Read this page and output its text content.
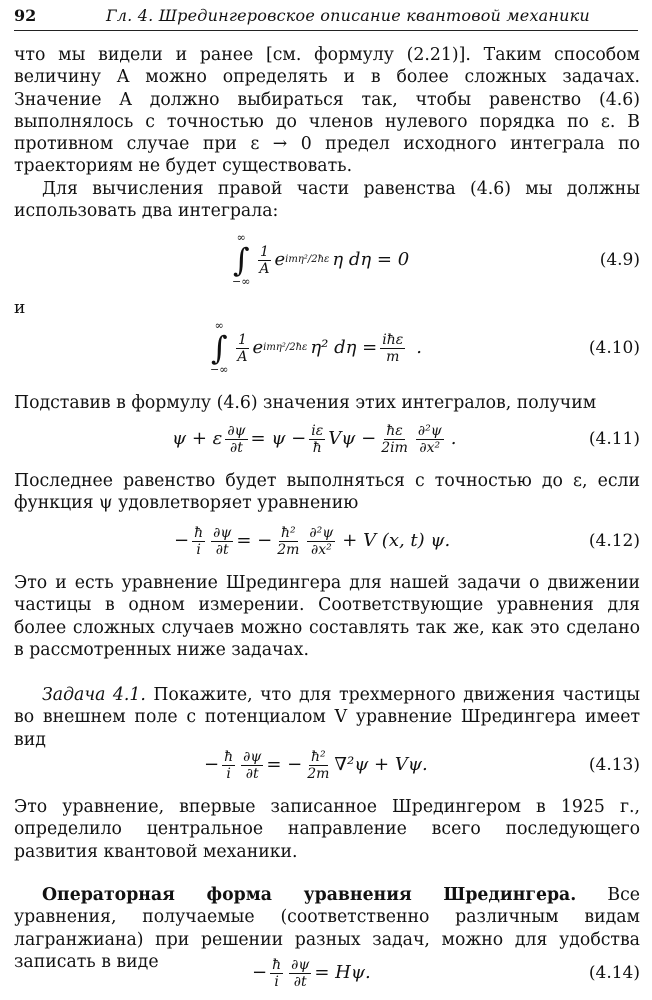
92	Гл. 4. Шредингеровское описание квантовой механики

что мы видели и ранее [см. формулу (2.21)]. Таким способом величину A можно определять и в более сложных задачах. Значение A должно выбираться так, чтобы равенство (4.6) выполнялось с точностью до членов нулевого порядка по ε. В противном случае при ε → 0 предел исходного интеграла по траекториям не будет существовать.

Для вычисления правой части равенства (4.6) мы должны использовать два интеграла:

∞
∫
−∞
$\frac{1}{A}$ e imη²/2ħε η dη = 0	(4.9)
и
∞
∫
−∞
$\frac{1}{A}$ e imη²/2ħε η² $d\eta = \frac{\text{iħε}}{m}$ .	(4.10)

Подставив в формулу (4.6) значения этих интегралов, получим

ψ + ε $\frac{\partial\psi}{\partial t} = \psi - \frac{i\varepsilon}{ħ}$ $V\psi - \frac{ħ\varepsilon}{2im} \frac{\text{∂²ψ}}{\text{∂x²}}$ .	(4.11)

Последнее равенство будет выполняться с точностью до ε, если функция ψ удовлетворяет уравнению

− $\frac{ħ}{i} \frac{\partial\psi}{\partial t}$ = − $\frac{\text{ħ²}}{2m} \frac{\text{∂²ψ}}{\text{∂x²}} + V$ (x, t) ψ.	(4.12)

Это и есть уравнение Шредингера для нашей задачи о движении частицы в одном измерении. Соответствующие уравнения для более сложных случаев можно составлять так же, как это сделано в рассмотренных ниже задачах.

Задача 4.1. Покажите, что для трехмерного движения частицы во внешнем поле с потенциалом V уравнение Шредингера имеет вид

− $\frac{ħ}{i} \frac{\partial\psi}{\partial t}$ = − $\frac{\text{ħ²}}{2m} \nabla^2\psi + V\psi$.	(4.13)

Это уравнение, впервые записанное Шредингером в 1925 г., определило центральное направление всего последующего развития квантовой механики.

Операторная форма уравнения Шредингера. Все уравнения, получаемые (соответственно различным видам лагранжиана) при решении разных задач, можно для удобства записать в виде

− $\frac{ħ}{i} \frac{\partial\psi}{\partial t} = H\psi$.	(4.14)
